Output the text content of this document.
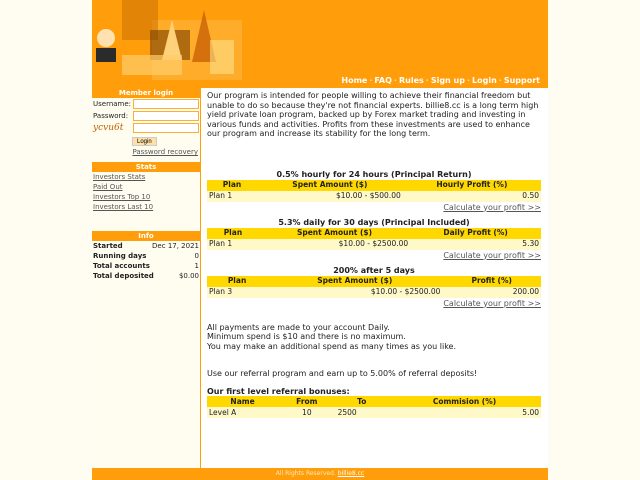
Home · FAQ · Rules · Sign up · Login · Support
Member login
Username:
Password:
ycvu6t
Login
Password recovery
Stats
Investors Stats
Paid Out
Investors Top 10
Investors Last 10
Info
Started	Dec 17, 2021
Running days	0
Total accounts	1
Total deposited	$0.00
Our program is intended for people willing to achieve their financial freedom but unable to do so because they're not financial experts. billie8.cc is a long term high yield private loan program, backed up by Forex market trading and investing in various funds and activities. Profits from these investments are used to enhance our program and increase its stability for the long term.
0.5% hourly for 24 hours (Principal Return)
Plan	Spent Amount ($)	Hourly Profit (%)
Plan 1	$10.00 - $500.00	0.50
Calculate your profit >>
5.3% daily for 30 days (Principal Included)
Plan	Spent Amount ($)	Daily Profit (%)
Plan 1	$10.00 - $2500.00	5.30
Calculate your profit >>
200% after 5 days
Plan	Spent Amount ($)	Profit (%)
Plan 3	$10.00 - $2500.00	200.00
Calculate your profit >>
All payments are made to your account Daily.
Minimum spend is $10 and there is no maximum.
You may make an additional spend as many times as you like.
Use our referral program and earn up to 5.00% of referral deposits!
Our first level referral bonuses:
Name	From	To	Commision (%)
Level A	10	2500	5.00
All Rights Reserved. billie8.cc
